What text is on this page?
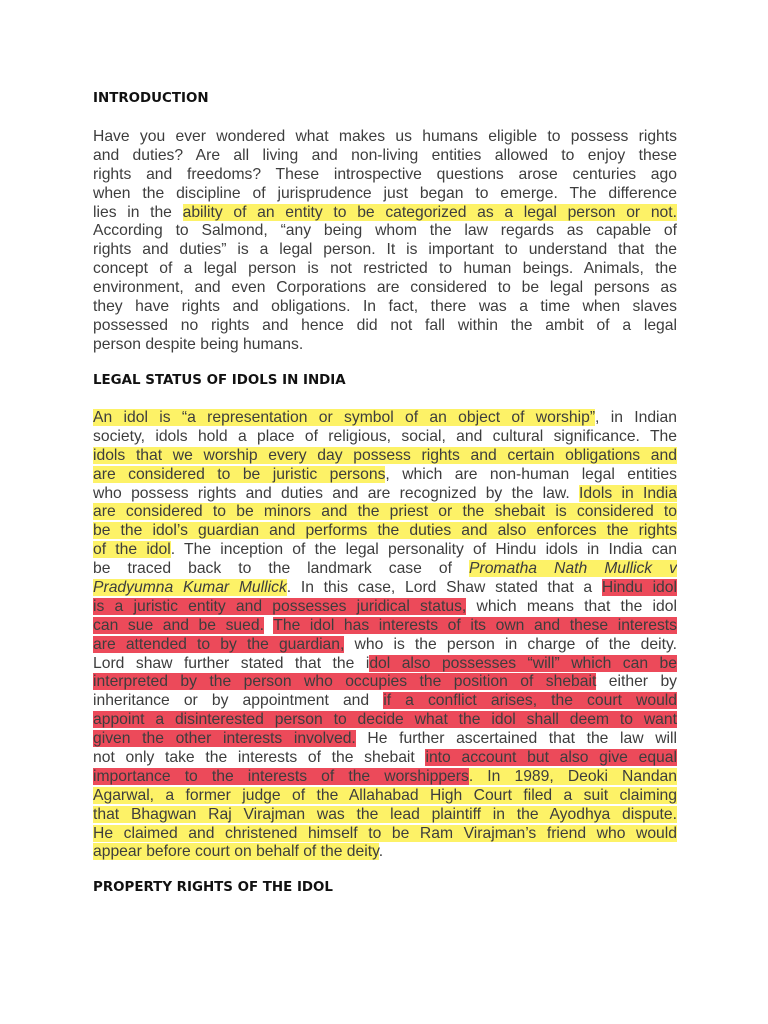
INTRODUCTION
Have you ever wondered what makes us humans eligible to possess rights
and duties? Are all living and non-living entities allowed to enjoy these
rights and freedoms? These introspective questions arose centuries ago
when the discipline of jurisprudence just began to emerge. The difference
lies in the ability of an entity to be categorized as a legal person or not.
According to Salmond, “any being whom the law regards as capable of
rights and duties” is a legal person. It is important to understand that the
concept of a legal person is not restricted to human beings. Animals, the
environment, and even Corporations are considered to be legal persons as
they have rights and obligations. In fact, there was a time when slaves
possessed no rights and hence did not fall within the ambit of a legal
person despite being humans.
LEGAL STATUS OF IDOLS IN INDIA
An idol is “a representation or symbol of an object of worship”, in Indian
society, idols hold a place of religious, social, and cultural significance. The
idols that we worship every day possess rights and certain obligations and
are considered to be juristic persons, which are non-human legal entities
who possess rights and duties and are recognized by the law. Idols in India
are considered to be minors and the priest or the shebait is considered to
be the idol’s guardian and performs the duties and also enforces the rights
of the idol. The inception of the legal personality of Hindu idols in India can
be traced back to the landmark case of Promatha Nath Mullick v
Pradyumna Kumar Mullick. In this case, Lord Shaw stated that a Hindu idol
is a juristic entity and possesses juridical status, which means that the idol
can sue and be sued. The idol has interests of its own and these interests
are attended to by the guardian, who is the person in charge of the deity.
Lord shaw further stated that the idol also possesses “will” which can be
interpreted by the person who occupies the position of shebait either by
inheritance or by appointment and if a conflict arises, the court would
appoint a disinterested person to decide what the idol shall deem to want
given the other interests involved. He further ascertained that the law will
not only take the interests of the shebait into account but also give equal
importance to the interests of the worshippers. In 1989, Deoki Nandan
Agarwal, a former judge of the Allahabad High Court filed a suit claiming
that Bhagwan Raj Virajman was the lead plaintiff in the Ayodhya dispute.
He claimed and christened himself to be Ram Virajman’s friend who would
appear before court on behalf of the deity.
PROPERTY RIGHTS OF THE IDOL
